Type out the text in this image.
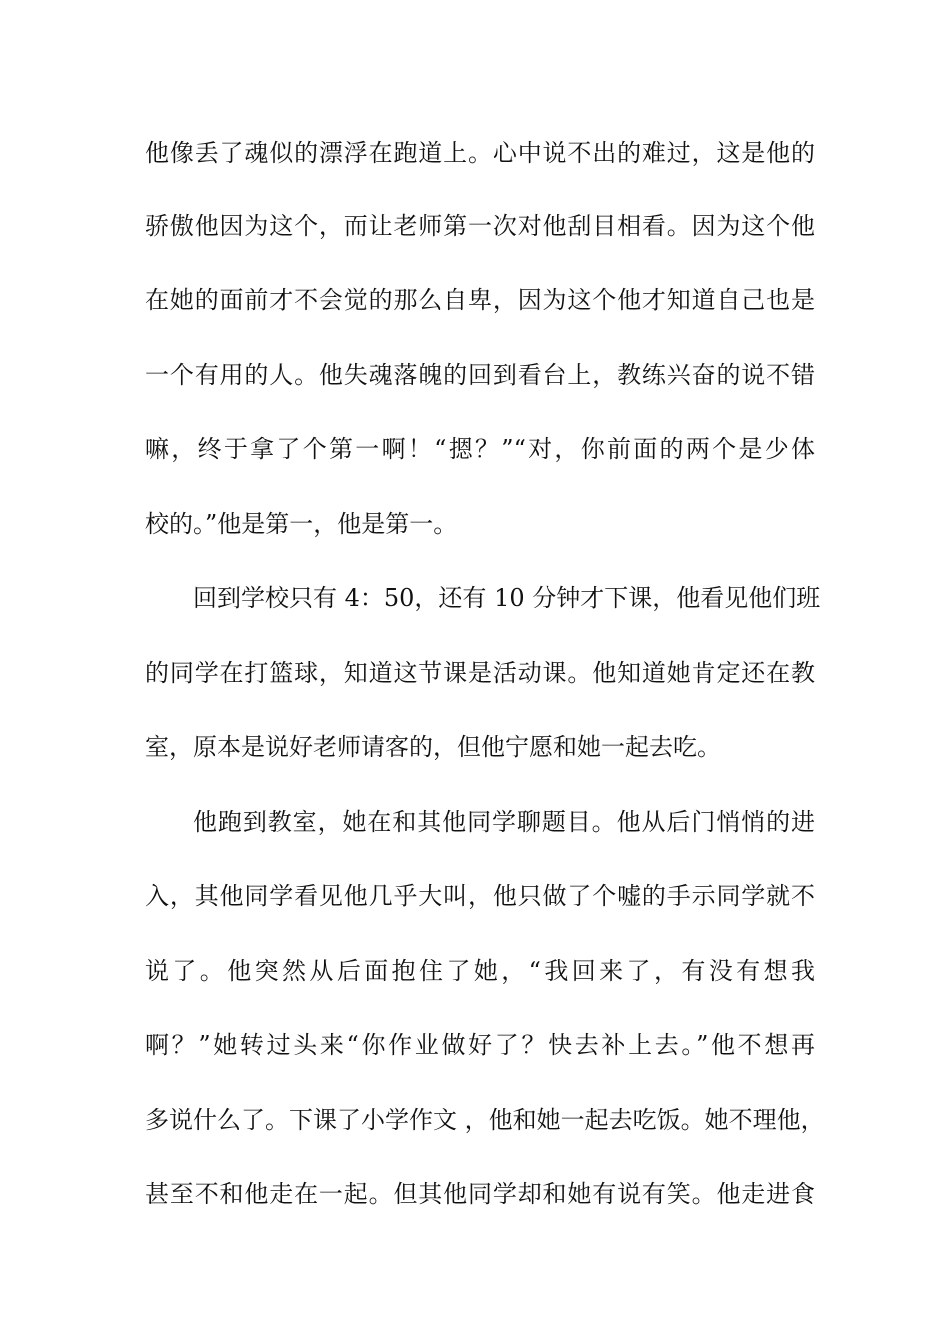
他像丢了魂似的漂浮在跑道上。心中说不出的难过，这是他的
骄傲他因为这个，而让老师第一次对他刮目相看。因为这个他
在她的面前才不会觉的那么自卑，因为这个他才知道自己也是
一个有用的人。他失魂落魄的回到看台上，教练兴奋的说不错
嘛，终于拿了个第一啊！“摁？”“对，你前面的两个是少体
校的。”他是第一，他是第一。
回到学校只有 4：50，还有 10 分钟才下课，他看见他们班
的同学在打篮球，知道这节课是活动课。他知道她肯定还在教
室，原本是说好老师请客的，但他宁愿和她一起去吃。
他跑到教室，她在和其他同学聊题目。他从后门悄悄的进
入，其他同学看见他几乎大叫，他只做了个嘘的手示同学就不
说了。他突然从后面抱住了她，“我回来了，有没有想我
啊？”她转过头来“你作业做好了？快去补上去。”他不想再
多说什么了。下课了小学作文 ，他和她一起去吃饭。她不理他，
甚至不和他走在一起。但其他同学却和她有说有笑。他走进食
